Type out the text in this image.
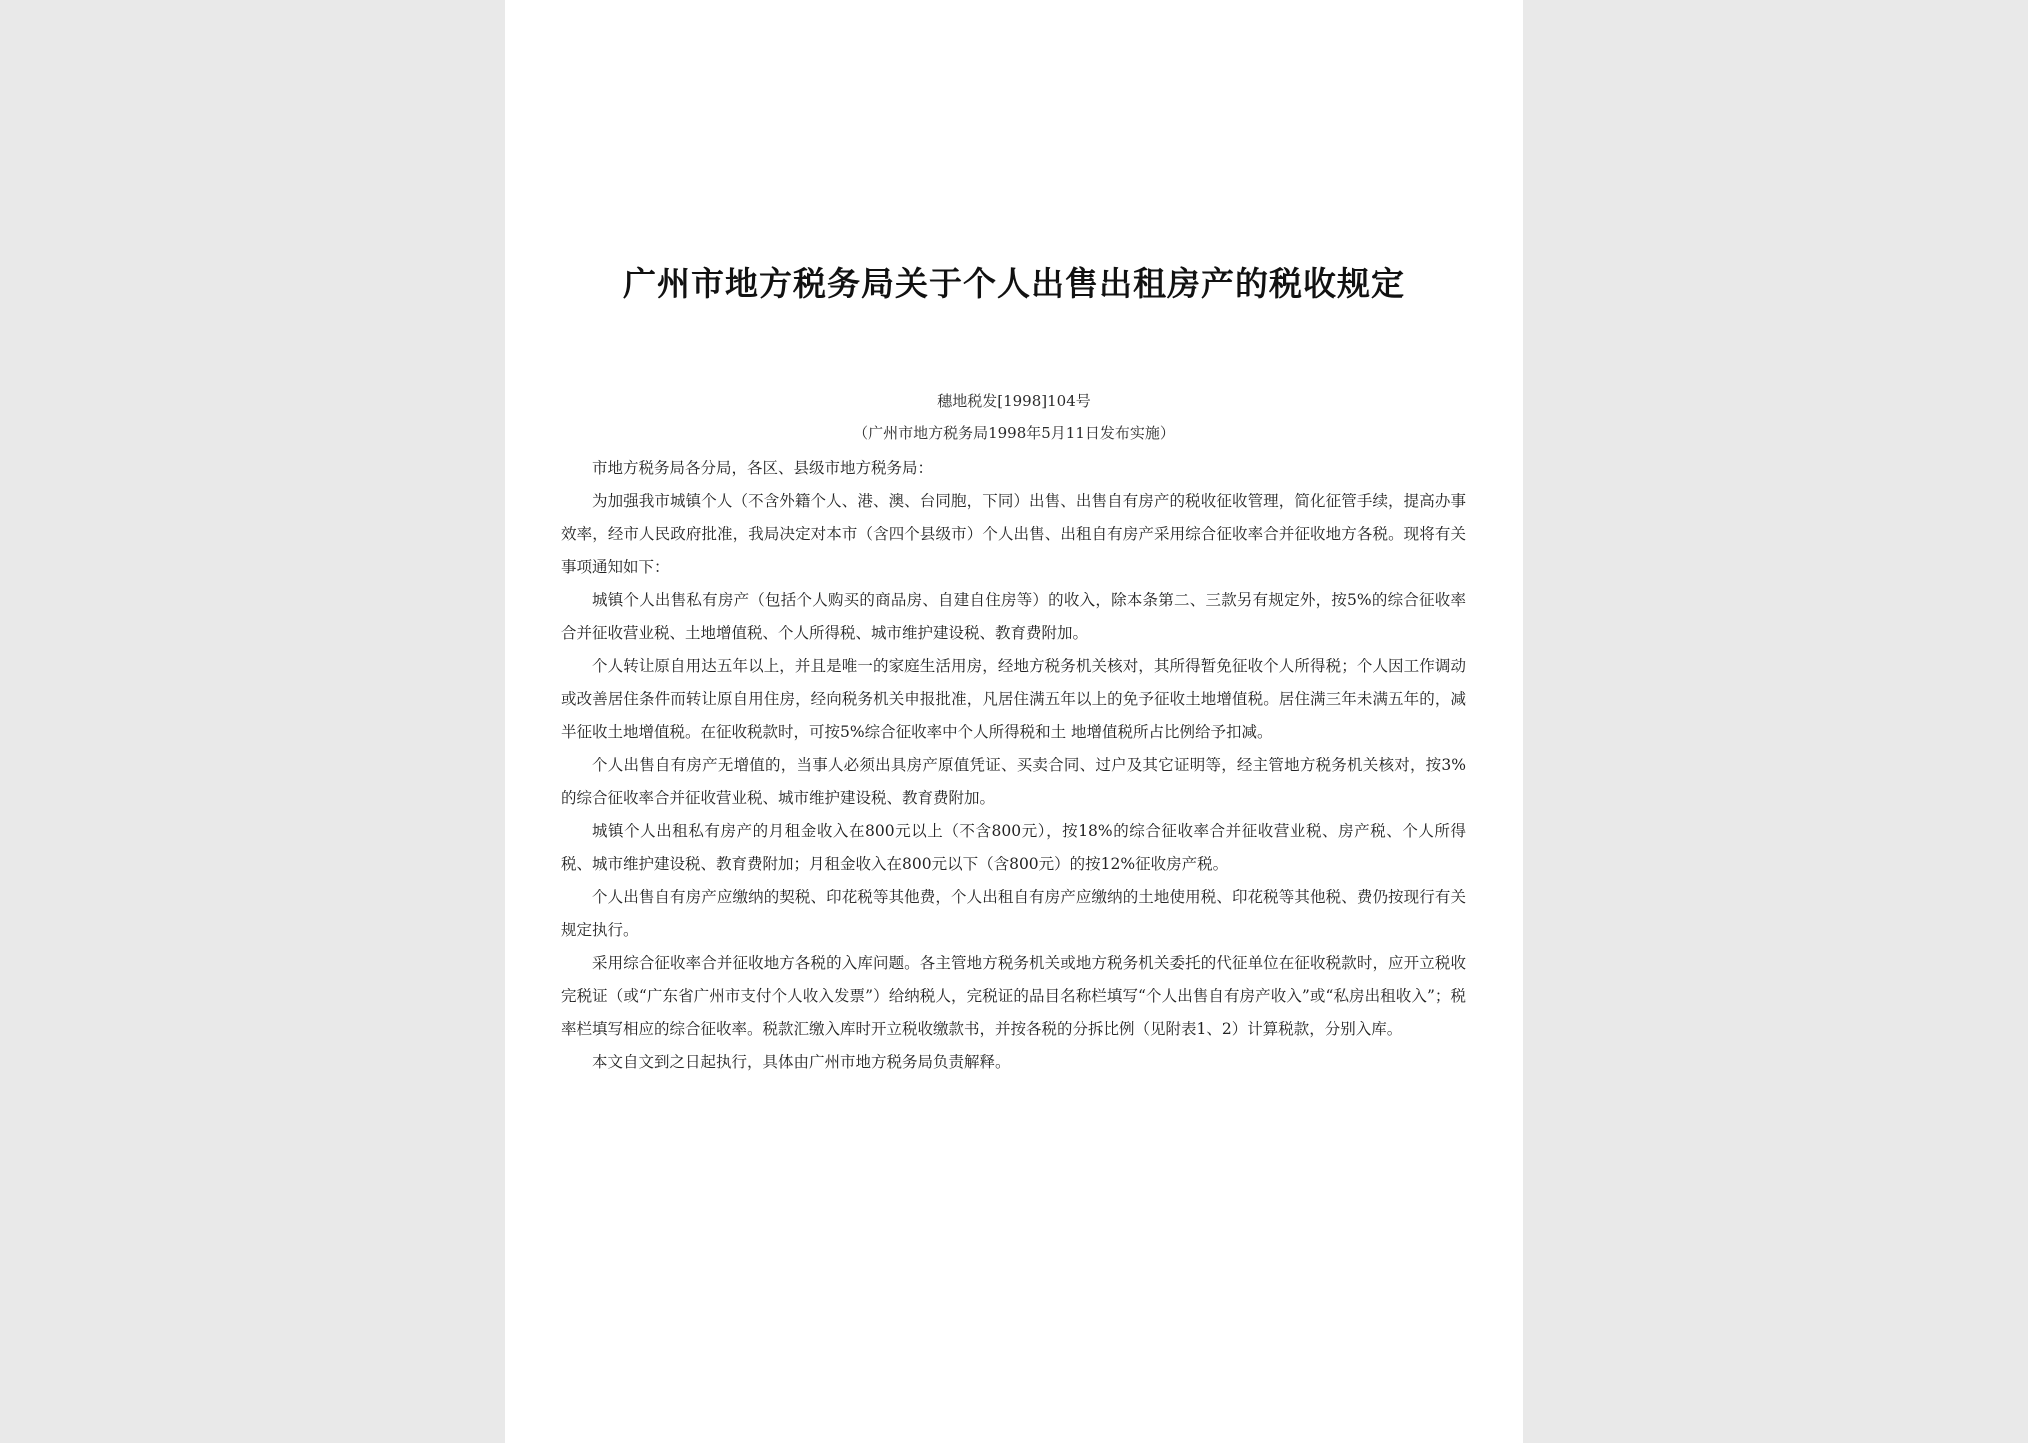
广州市地方税务局关于个人出售出租房产的税收规定
穗地税发[1998]104号
（广州市地方税务局1998年5月11日发布实施）

市地方税务局各分局，各区、县级市地方税务局：

为加强我市城镇个人（不含外籍个人、港、澳、台同胞，下同）出售、出售自有房产的税收征收管理，简化征管手续，提高办事效率，经市人民政府批准，我局决定对本市（含四个县级市）个人出售、出租自有房产采用综合征收率合并征收地方各税。现将有关事项通知如下：

城镇个人出售私有房产（包括个人购买的商品房、自建自住房等）的收入，除本条第二、三款另有规定外，按5%的综合征收率合并征收营业税、土地增值税、个人所得税、城市维护建设税、教育费附加。

个人转让原自用达五年以上，并且是唯一的家庭生活用房，经地方税务机关核对，其所得暂免征收个人所得税；个人因工作调动或改善居住条件而转让原自用住房，经向税务机关申报批准，凡居住满五年以上的免予征收土地增值税。居住满三年未满五年的，减半征收土地增值税。在征收税款时，可按5%综合征收率中个人所得税和土 地增值税所占比例给予扣减。

个人出售自有房产无增值的，当事人必须出具房产原值凭证、买卖合同、过户及其它证明等，经主管地方税务机关核对，按3%的综合征收率合并征收营业税、城市维护建设税、教育费附加。

城镇个人出租私有房产的月租金收入在800元以上（不含800元），按18%的综合征收率合并征收营业税、房产税、个人所得税、城市维护建设税、教育费附加；月租金收入在800元以下（含800元）的按12%征收房产税。

个人出售自有房产应缴纳的契税、印花税等其他费，个人出租自有房产应缴纳的土地使用税、印花税等其他税、费仍按现行有关规定执行。

采用综合征收率合并征收地方各税的入库问题。各主管地方税务机关或地方税务机关委托的代征单位在征收税款时，应开立税收完税证（或“广东省广州市支付个人收入发票”）给纳税人，完税证的品目名称栏填写“个人出售自有房产收入”或“私房出租收入”；税率栏填写相应的综合征收率。税款汇缴入库时开立税收缴款书，并按各税的分拆比例（见附表1、2）计算税款，分别入库。

本文自文到之日起执行，具体由广州市地方税务局负责解释。
